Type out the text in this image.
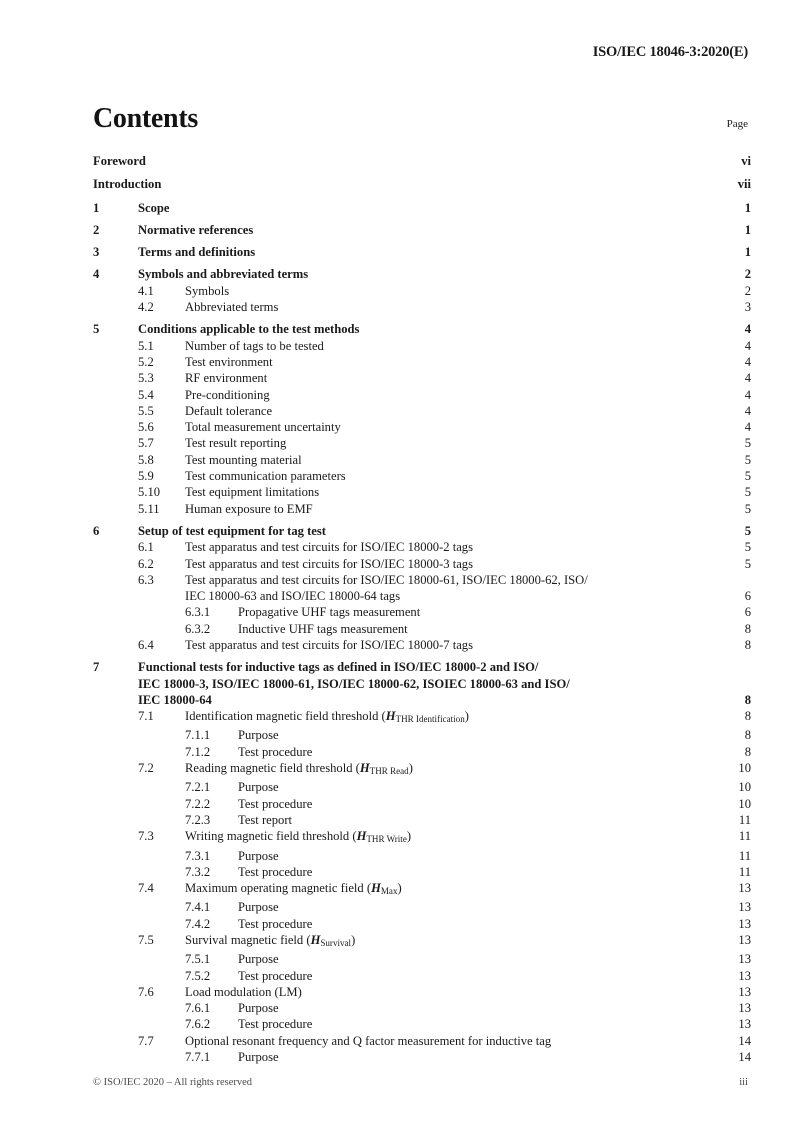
ISO/IEC 18046-3:2020(E)
Contents	Page
Foreword	vi
Introduction	vii
1	Scope	1
2	Normative references	1
3	Terms and definitions	1
4	Symbols and abbreviated terms	2
4.1	Symbols	2
4.2	Abbreviated terms	3
5	Conditions applicable to the test methods	4
5.1	Number of tags to be tested	4
5.2	Test environment	4
5.3	RF environment	4
5.4	Pre-conditioning	4
5.5	Default tolerance	4
5.6	Total measurement uncertainty	4
5.7	Test result reporting	5
5.8	Test mounting material	5
5.9	Test communication parameters	5
5.10	Test equipment limitations	5
5.11	Human exposure to EMF	5
6	Setup of test equipment for tag test	5
6.1	Test apparatus and test circuits for ISO/IEC 18000-2 tags	5
6.2	Test apparatus and test circuits for ISO/IEC 18000-3 tags	5
6.3	Test apparatus and test circuits for ISO/IEC 18000-61, ISO/IEC 18000-62, ISO/
IEC 18000-63 and ISO/IEC 18000-64 tags	6
6.3.1	Propagative UHF tags measurement	6
6.3.2	Inductive UHF tags measurement	8
6.4	Test apparatus and test circuits for ISO/IEC 18000-7 tags	8
7	Functional tests for inductive tags as defined in ISO/IEC 18000-2 and ISO/
IEC 18000-3, ISO/IEC 18000-61, ISO/IEC 18000-62, ISOIEC 18000-63 and ISO/
IEC 18000-64	8
7.1	Identification magnetic field threshold $(H_{THR Identification})$	8
7.1.1	Purpose	8
7.1.2	Test procedure	8
7.2	Reading magnetic field threshold $(H_{THR Read})$	10
7.2.1	Purpose	10
7.2.2	Test procedure	10
7.2.3	Test report	11
7.3	Writing magnetic field threshold $(H_{THR Write})$	11
7.3.1	Purpose	11
7.3.2	Test procedure	11
7.4	Maximum operating magnetic field $(H_{Max})$	13
7.4.1	Purpose	13
7.4.2	Test procedure	13
7.5	Survival magnetic field $(H_{Survival})$	13
7.5.1	Purpose	13
7.5.2	Test procedure	13
7.6	Load modulation (LM)	13
7.6.1	Purpose	13
7.6.2	Test procedure	13
7.7	Optional resonant frequency and Q factor measurement for inductive tag	14
7.7.1	Purpose	14
© ISO/IEC 2020 – All rights reserved	iii
